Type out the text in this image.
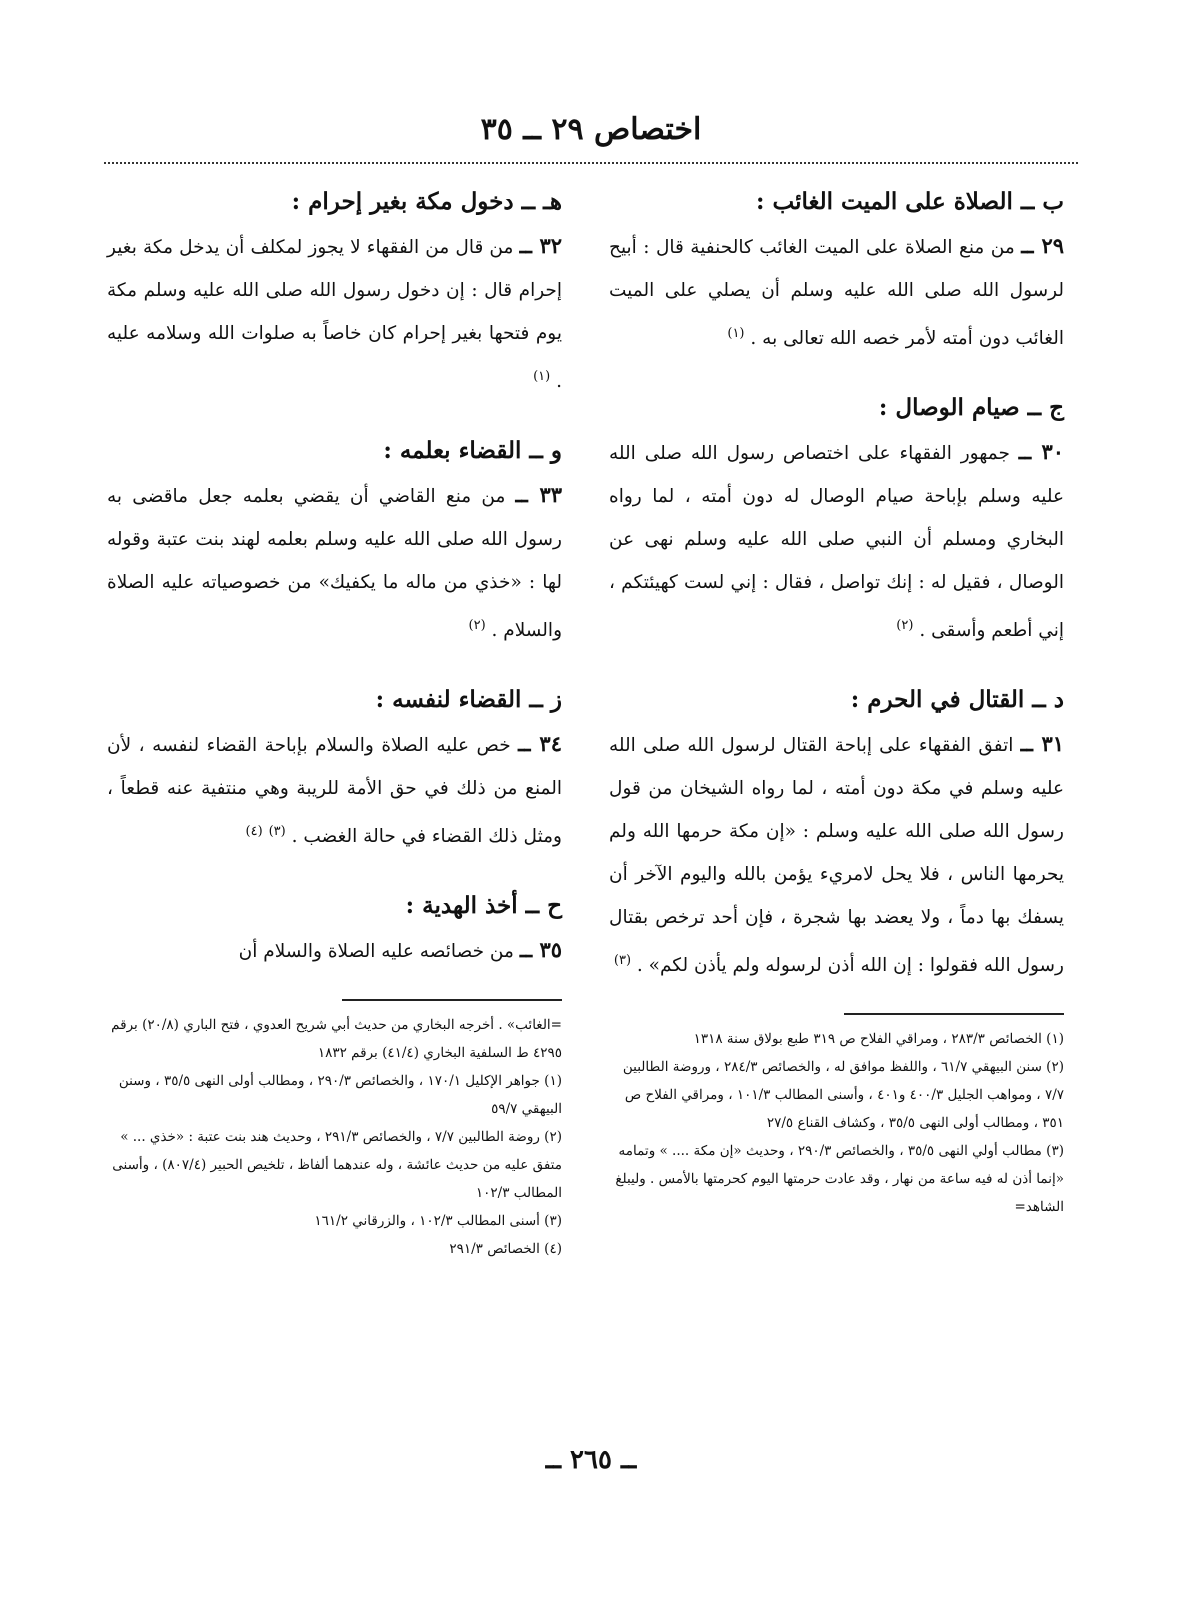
اختصاص ٢٩ ــ ٣٥
ب ــ الصلاة على الميت الغائب :
٢٩ ــ من منع الصلاة على الميت الغائب كالحنفية قال : أبيح لرسول الله صلى الله عليه وسلم أن يصلي على الميت الغائب دون أمته لأمر خصه الله تعالى به . $^{(١)}$
ج ــ صيام الوصال :
٣٠ ــ جمهور الفقهاء على اختصاص رسول الله صلى الله عليه وسلم بإباحة صيام الوصال له دون أمته ، لما رواه البخاري ومسلم أن النبي صلى الله عليه وسلم نهى عن الوصال ، فقيل له : إنك تواصل ، فقال : إني لست كهيئتكم ، إني أطعم وأسقى . $^{(٢)}$
د ــ القتال في الحرم :
٣١ ــ اتفق الفقهاء على إباحة القتال لرسول الله صلى الله عليه وسلم في مكة دون أمته ، لما رواه الشيخان من قول رسول الله صلى الله عليه وسلم : «إن مكة حرمها الله ولم يحرمها الناس ، فلا يحل لامريء يؤمن بالله واليوم الآخر أن يسفك بها دماً ، ولا يعضد بها شجرة ، فإن أحد ترخص بقتال رسول الله فقولوا : إن الله أذن لرسوله ولم يأذن لكم» . $^{(٣)}$

(١) الخصائص ٢٨٣/٣ ، ومراقي الفلاح ص ٣١٩ طبع بولاق سنة ١٣١٨

(٢) سنن البيهقي ٦١/٧ ، واللفظ موافق له ، والخصائص ٢٨٤/٣ ، وروضة الطالبين ٧/٧ ، ومواهب الجليل ٤٠٠/٣ و٤٠١ ، وأسنى المطالب ١٠١/٣ ، ومراقي الفلاح ص ٣٥١ ، ومطالب أولى النهى ٣٥/٥ ، وكشاف القناع ٢٧/٥

(٣) مطالب أولي النهى ٣٥/٥ ، والخصائص ٢٩٠/٣ ، وحديث «إن مكة .... » وتمامه «إنما أذن له فيه ساعة من نهار ، وقد عادت حرمتها اليوم كحرمتها بالأمس . وليبلغ الشاهد=

هـ ــ دخول مكة بغير إحرام :
٣٢ ــ من قال من الفقهاء لا يجوز لمكلف أن يدخل مكة بغير إحرام قال : إن دخول رسول الله صلى الله عليه وسلم مكة يوم فتحها بغير إحرام كان خاصاً به صلوات الله وسلامه عليه . $^{(١)}$
و ــ القضاء بعلمه :
٣٣ ــ من منع القاضي أن يقضي بعلمه جعل ماقضى به رسول الله صلى الله عليه وسلم بعلمه لهند بنت عتبة وقوله لها : «خذي من ماله ما يكفيك» من خصوصياته عليه الصلاة والسلام . $^{(٢)}$
ز ــ القضاء لنفسه :
٣٤ ــ خص عليه الصلاة والسلام بإباحة القضاء لنفسه ، لأن المنع من ذلك في حق الأمة للريبة وهي منتفية عنه قطعاً ، ومثل ذلك القضاء في حالة الغضب . $^{(٣)}$ $^{(٤)}$
ح ــ أخذ الهدية :
٣٥ ــ من خصائصه عليه الصلاة والسلام أن

=الغائب» . أخرجه البخاري من حديث أبي شريح العدوي ، فتح الباري (٢٠/٨) برقم ٤٢٩٥ ط السلفية البخاري (٤١/٤) برقم ١٨٣٢

(١) جواهر الإكليل ١٧٠/١ ، والخصائص ٢٩٠/٣ ، ومطالب أولى النهى ٣٥/٥ ، وسنن البيهقي ٥٩/٧

(٢) روضة الطالبين ٧/٧ ، والخصائص ٢٩١/٣ ، وحديث هند بنت عتبة : «خذي ... » متفق عليه من حديث عائشة ، وله عندهما ألفاظ ، تلخيص الحبير (٨٠٧/٤) ، وأسنى المطالب ١٠٢/٣

(٣) أسنى المطالب ١٠٢/٣ ، والزرقاني ١٦١/٢

(٤) الخصائص ٢٩١/٣

ــ ٢٦٥ ــ
